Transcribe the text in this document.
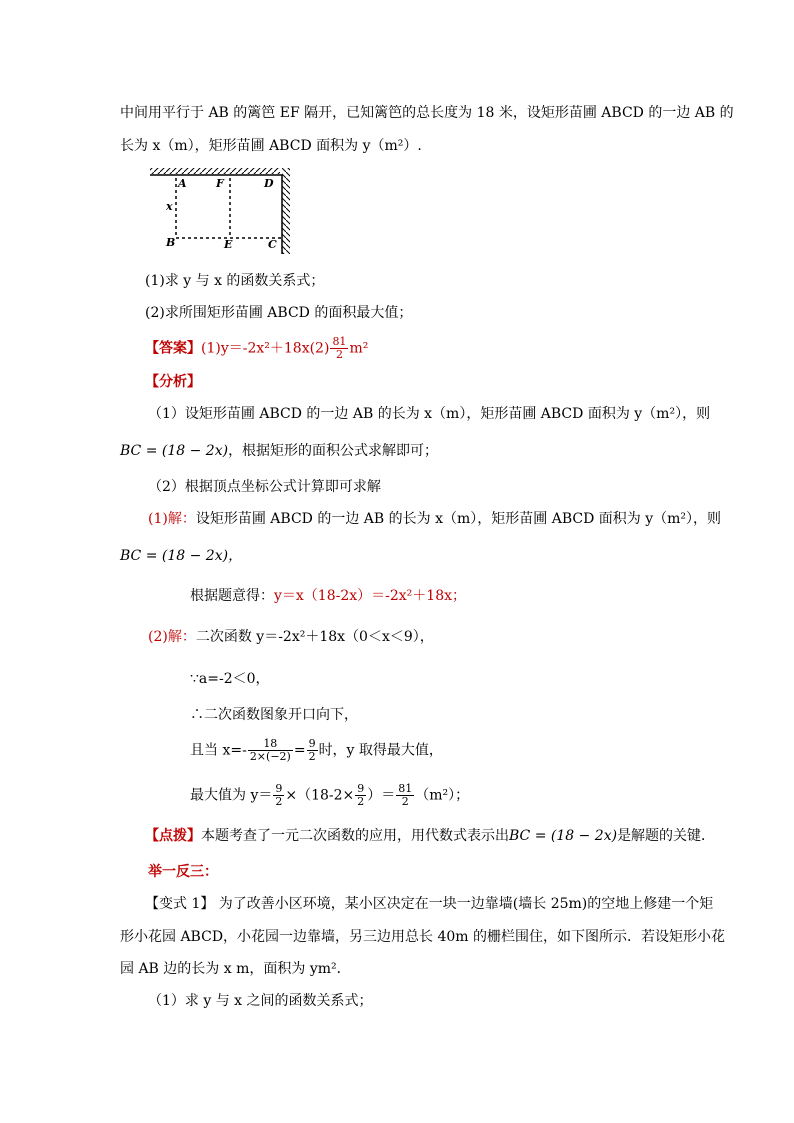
中间用平行于 AB 的篱笆 EF 隔开，已知篱笆的总长度为 18 米，设矩形苗圃 ABCD 的一边 AB 的
长为 x（m），矩形苗圃 ABCD 面积为 y（m²）.
A	F	D
x
B	E	C
(1)求 y 与 x 的函数关系式；
(2)求所围矩形苗圃 ABCD 的面积最大值；
【答案】$(1)y=-2x^2+18x(2) \frac{81}{2} m^2$
【分析】
（1）设矩形苗圃 ABCD 的一边 AB 的长为 x（m），矩形苗圃 ABCD 面积为 y（m²），则
BC = (18 − 2x)，根据矩形的面积公式求解即可；
（2）根据顶点坐标公式计算即可求解
(1)解：设矩形苗圃 ABCD 的一边 AB 的长为 x（m），矩形苗圃 ABCD 面积为 y（m²），则
BC = (18 − 2x)，
根据题意得：y＝x（18-2x）＝-2x²＋18x；
(2)解：二次函数 y＝-2x²＋18x（0＜x＜9），
∵a=-2＜0，
∴二次函数图象开口向下，
且当 $x=- \frac{18}{2\times(-2)} = \frac{9}{2}$ 时，y 取得最大值，
最大值为 $y= \frac{9}{2} \times(18-2\times \frac{9}{2}$ ）＝ $\frac{81}{2} (m^2)$；
【点拨】本题考查了一元二次函数的应用，用代数式表示出BC = (18 − 2x)是解题的关键．
举一反三：
【变式 1】 为了改善小区环境，某小区决定在一块一边靠墙(墙长 25m)的空地上修建一个矩
形小花园 ABCD，小花园一边靠墙，另三边用总长 40m 的栅栏围住，如下图所示．若设矩形小花
园 AB 边的长为 x m，面积为 ym²．
（1）求 y 与 x 之间的函数关系式；
